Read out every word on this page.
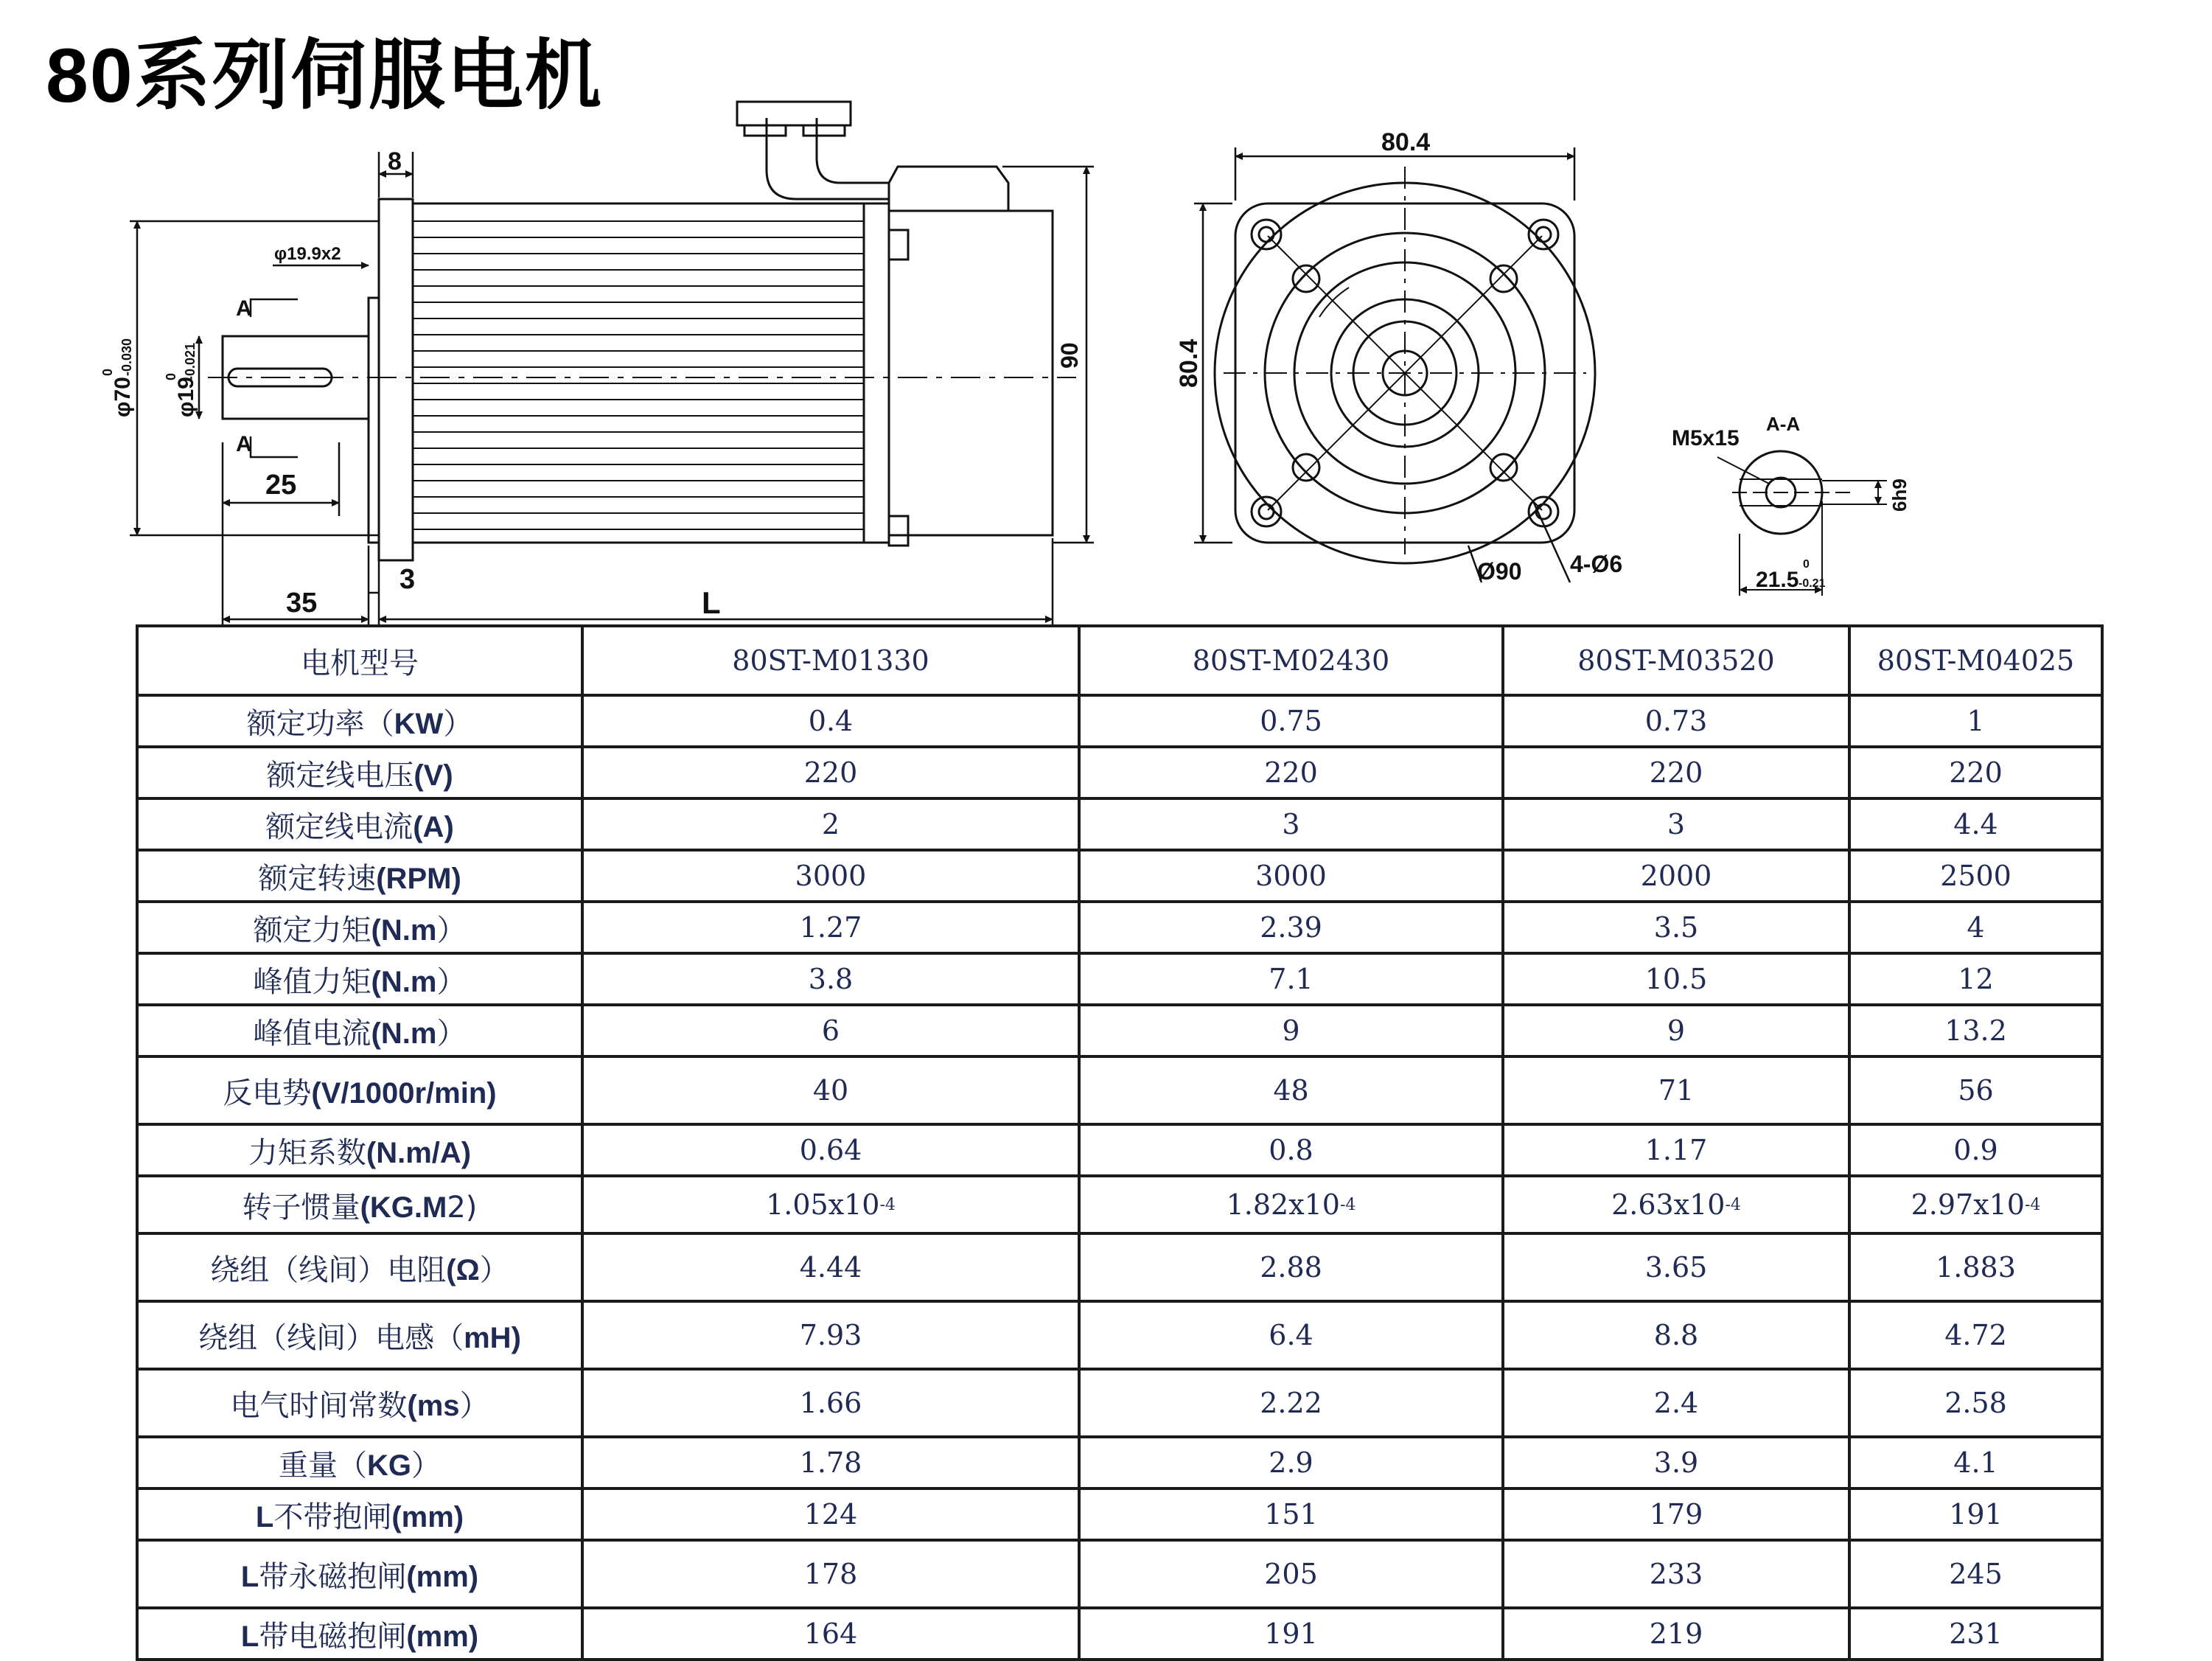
80系列伺服电机
8
φ19.9x2
A
A
25
35
3
L
φ70
0 -0.030
φ19
0 -0.021	90
80.4
80.4
Ø90 4-Ø6
A-A
M5x15
6h9
21.5
0
-0.21
电机型号	80ST-M01330	80ST-M02430	80ST-M03520	80ST-M04025
额定功率（KW）	0.4	0.75	0.73	1
额定线电压(V)	220	220	220	220
额定线电流(A)	2	3	3	4.4
额定转速(RPM)	3000	3000	2000	2500
额定力矩(N.m）	1.27	2.39	3.5	4
峰值力矩(N.m）	3.8	7.1	10.5	12
峰值电流(N.m）	6	9	9	13.2
反电势(V/1000r/min)	40	48	71	56
力矩系数(N.m/A)	0.64	0.8	1.17	0.9
转子惯量(KG.M2)	$1.05x10^{-4}$	$1.82x10^{-4}$	$2.63x10^{-4}$	$2.97x10^{-4}$
绕组（线间）电阻(Ω）	4.44	2.88	3.65	1.883
绕组（线间）电感（mH)	7.93	6.4	8.8	4.72
电气时间常数(ms）	1.66	2.22	2.4	2.58
重量（KG）	1.78	2.9	3.9	4.1
L不带抱闸(mm)	124	151	179	191
L带永磁抱闸(mm)	178	205	233	245
L带电磁抱闸(mm)	164	191	219	231
